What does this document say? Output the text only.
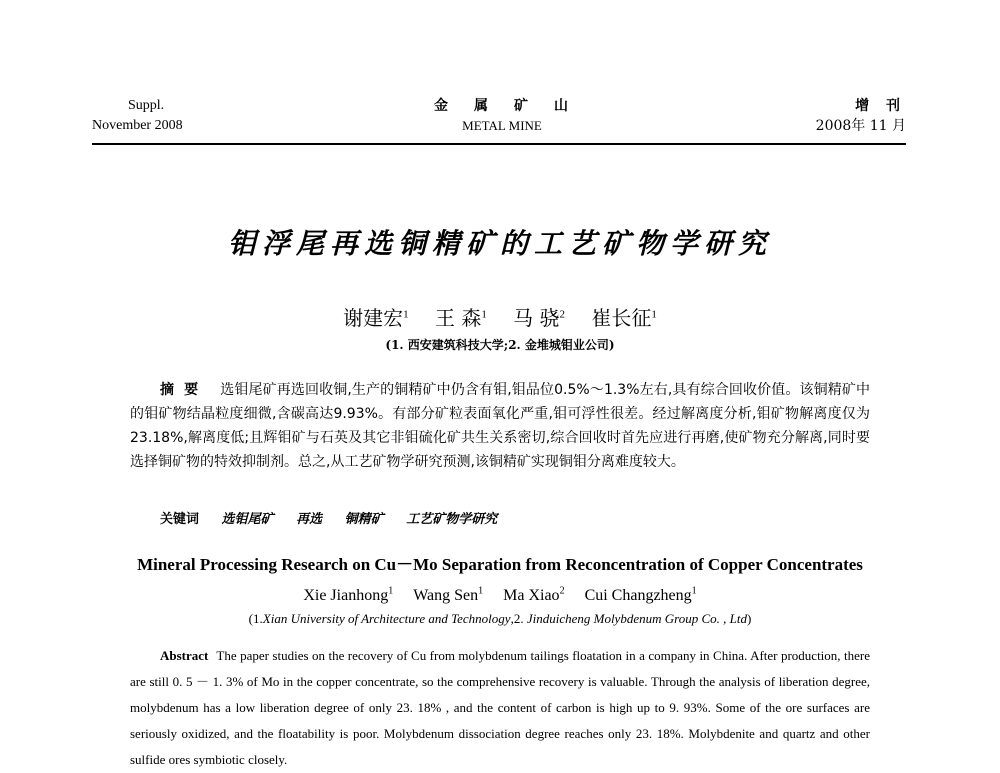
Suppl.
November 2008
金 属 矿 山
METAL MINE
增 刊
2008年 11 月
钼浮尾再选铜精矿的工艺矿物学研究
谢建宏$^1$ 王 森$^1$ 马 骁$^2$ 崔长征$^1$
(1. 西安建筑科技大学;2. 金堆城钼业公司)
摘要 选钼尾矿再选回收铜,生产的铜精矿中仍含有钼,钼品位0.5%～1.3%左右,具有综合回收价值。该铜精矿中的钼矿物结晶粒度细微,含碳高达9.93%。有部分矿粒表面氧化严重,钼可浮性很差。经过解离度分析,钼矿物解离度仅为23.18%,解离度低;且辉钼矿与石英及其它非钼硫化矿共生关系密切,综合回收时首先应进行再磨,使矿物充分解离,同时要选择铜矿物的特效抑制剂。总之,从工艺矿物学研究预测,该铜精矿实现铜钼分离难度较大。
关键词 选钼尾矿 再选 铜精矿 工艺矿物学研究
Mineral Processing Research on Cu－Mo Separation from Reconcentration of Copper Concentrates
Xie Jianhong$^1$ Wang Sen$^1$ Ma Xiao$^2$ Cui Changzheng$^1$
(1.Xian University of Architecture and Technology,2. Jinduicheng Molybdenum Group Co. , Ltd)

Abstract The paper studies on the recovery of Cu from molybdenum tailings floatation in a company in China. After production, there are still 0. 5 － 1. 3% of Mo in the copper concentrate, so the comprehensive recovery is valuable. Through the analysis of liberation degree, molybdenum has a low liberation degree of only 23. 18% , and the content of carbon is high up to 9. 93%. Some of the ore surfaces are seriously oxidized, and the floatability is poor. Molybdenum dissociation degree reaches only 23. 18%. Molybdenite and quartz and other sulfide ores symbiotic closely.
